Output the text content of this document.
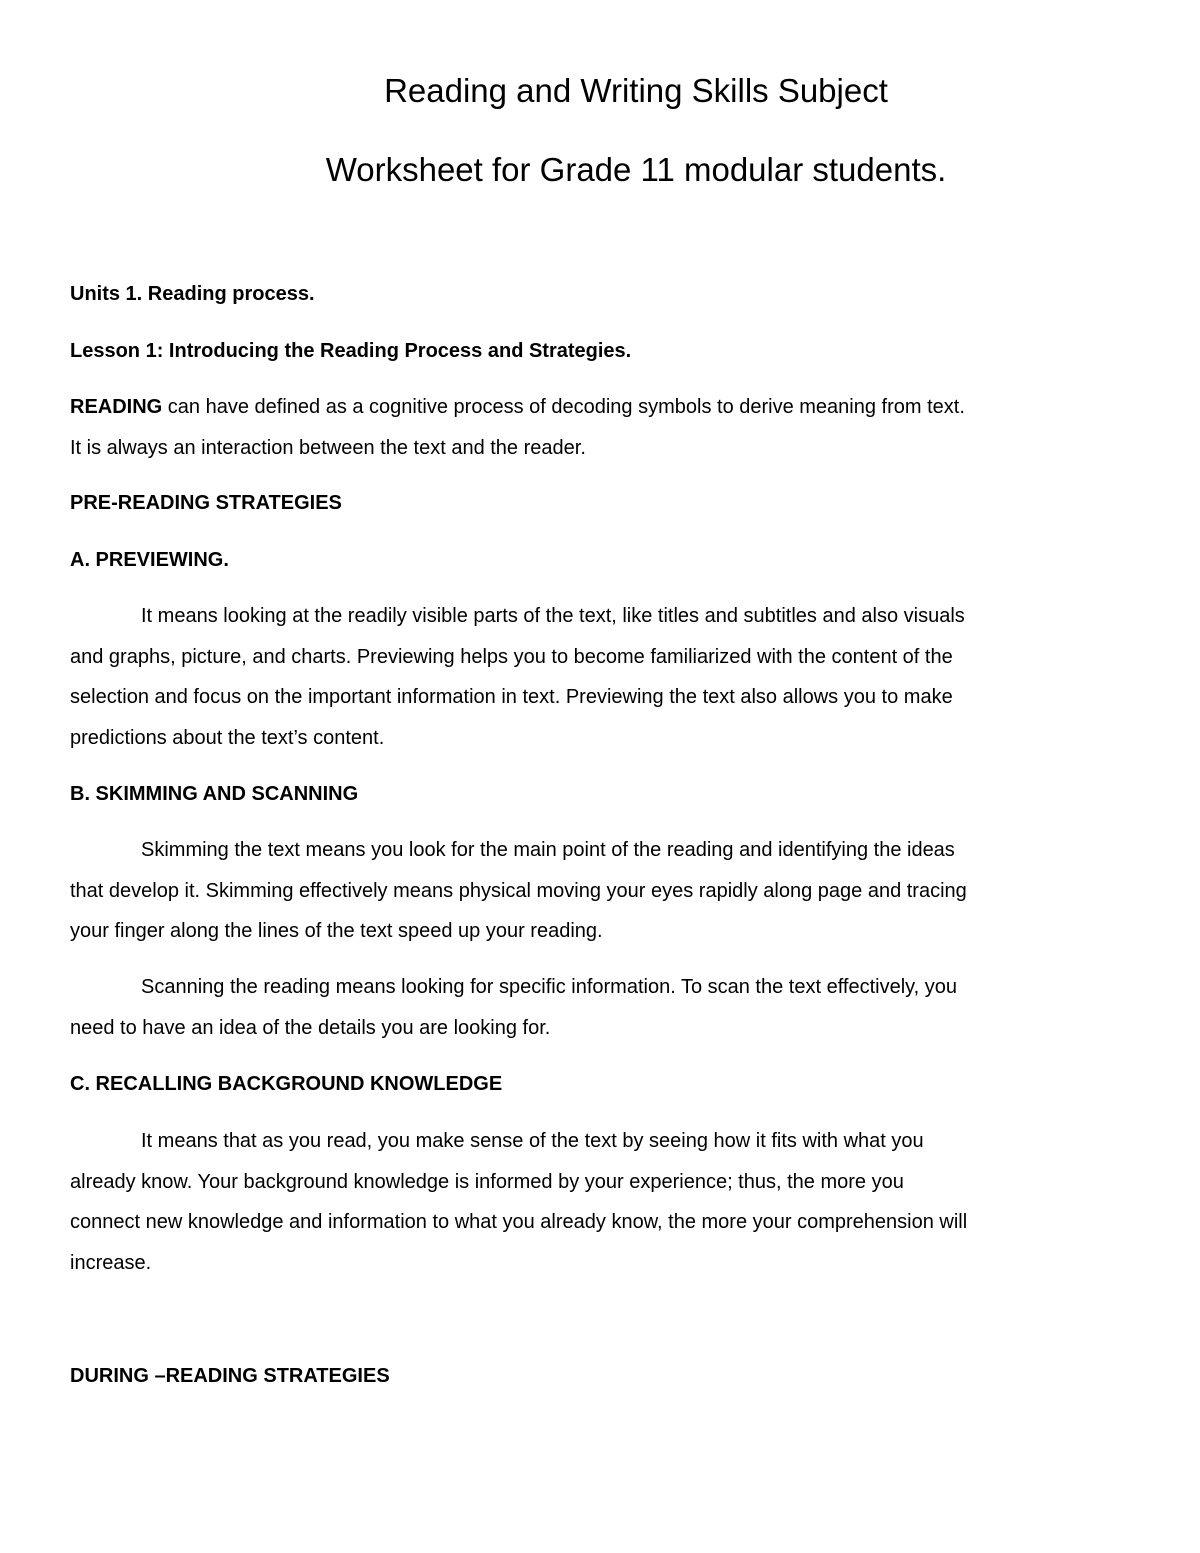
Reading and Writing Skills Subject
Worksheet for Grade 11 modular students.
Units 1. Reading process.
Lesson 1: Introducing the Reading Process and Strategies.
READING can have defined as a cognitive process of decoding symbols to derive meaning from text.
It is always an interaction between the text and the reader.
PRE-READING STRATEGIES
A. PREVIEWING.
It means looking at the readily visible parts of the text, like titles and subtitles and also visuals
and graphs, picture, and charts. Previewing helps you to become familiarized with the content of the
selection and focus on the important information in text. Previewing the text also allows you to make
predictions about the text’s content.
B. SKIMMING AND SCANNING
Skimming the text means you look for the main point of the reading and identifying the ideas
that develop it. Skimming effectively means physical moving your eyes rapidly along page and tracing
your finger along the lines of the text speed up your reading.
Scanning the reading means looking for specific information. To scan the text effectively, you
need to have an idea of the details you are looking for.
C. RECALLING BACKGROUND KNOWLEDGE
It means that as you read, you make sense of the text by seeing how it fits with what you
already know. Your background knowledge is informed by your experience; thus, the more you
connect new knowledge and information to what you already know, the more your comprehension will
increase.
DURING –READING STRATEGIES
